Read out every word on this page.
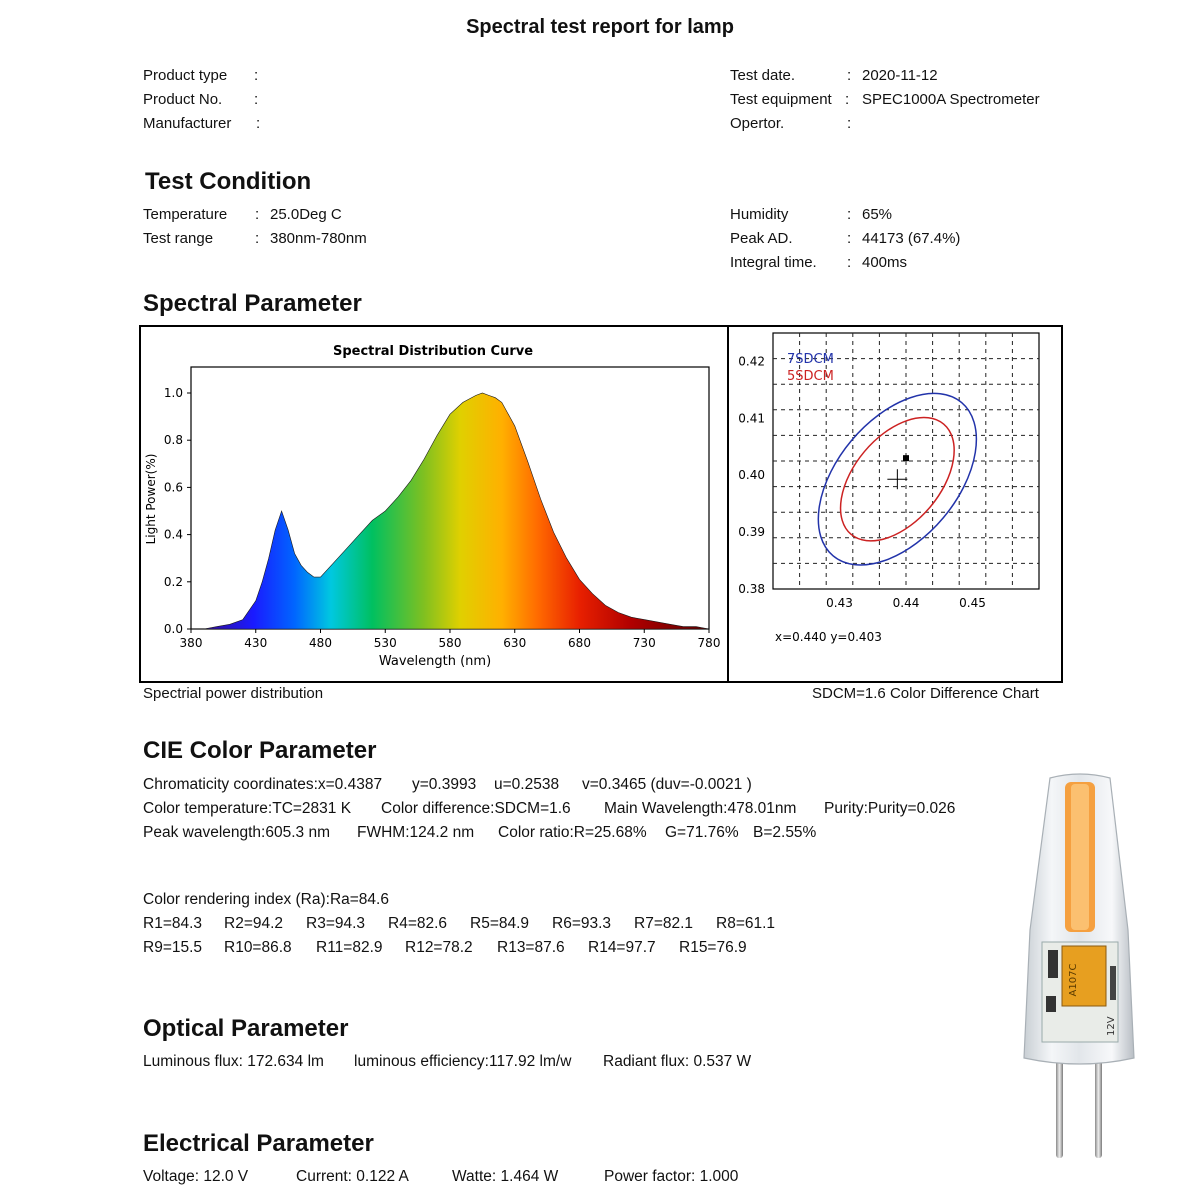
Spectral test report for lamp
Product type :
Product No. :
Manufacturer :
Test date.	: 2020-11-12
Test equipment : SPEC1000A Spectrometer
Opertor.	:
Test Condition
Temperature : 25.0Deg C
Test range	: 380nm-780nm
Humidity	: 65%
Peak AD.	: 44173 (67.4%)
Integral time. : 400ms
Spectral Parameter
Spectral Distribution Curve
0.0
0.2
0.4
0.6
0.8
1.0
380	430	480	530	580	630	680	730	780
Wavelength (nm)
Light Power(%)
0.38
0.39
0.40
0.41
0.42
0.43	0.44	0.45
7SDCM
5SDCM
x=0.440 y=0.403
Spectrial power distribution	SDCM=1.6 Color Difference Chart
CIE Color Parameter
Chromaticity coordinates:x=0.4387 y=0.3993 u=0.2538 v=0.3465 (duv=-0.0021 )
Color temperature:TC=2831 K Color difference:SDCM=1.6 Main Wavelength:478.01nm Purity:Purity=0.026
Peak wavelength:605.3 nm FWHM:124.2 nm Color ratio:R=25.68% G=71.76% B=2.55%
Color rendering index (Ra):Ra=84.6
R1=84.3 R2=94.2 R3=94.3 R4=82.6 R5=84.9 R6=93.3 R7=82.1 R8=61.1
R9=15.5 R10=86.8 R11=82.9 R12=78.2 R13=87.6 R14=97.7 R15=76.9
Optical Parameter
Luminous flux: 172.634 lm luminous efficiency:117.92 lm/w Radiant flux: 0.537 W
Electrical Parameter
Voltage: 12.0 V	Current: 0.122 A	Watte: 1.464 W	Power factor: 1.000
A107C
12V
